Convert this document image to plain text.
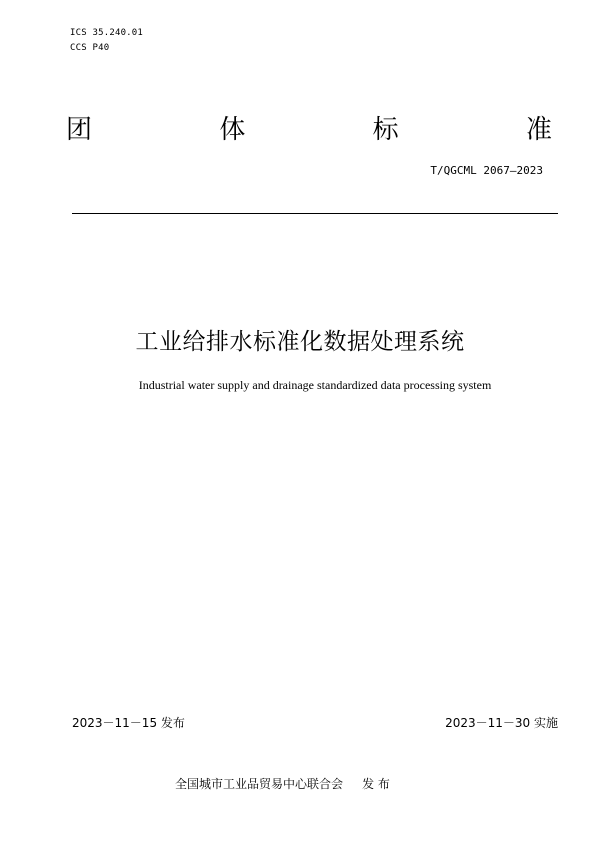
ICS 35.240.01
CCS P40
团	体	标	准
T/QGCML 2067—2023
工业给排水标准化数据处理系统
Industrial water supply and drainage standardized data processing system
2023－11－15 发布	2023－11－30 实施
全国城市工业品贸易中心联合会 发 布
